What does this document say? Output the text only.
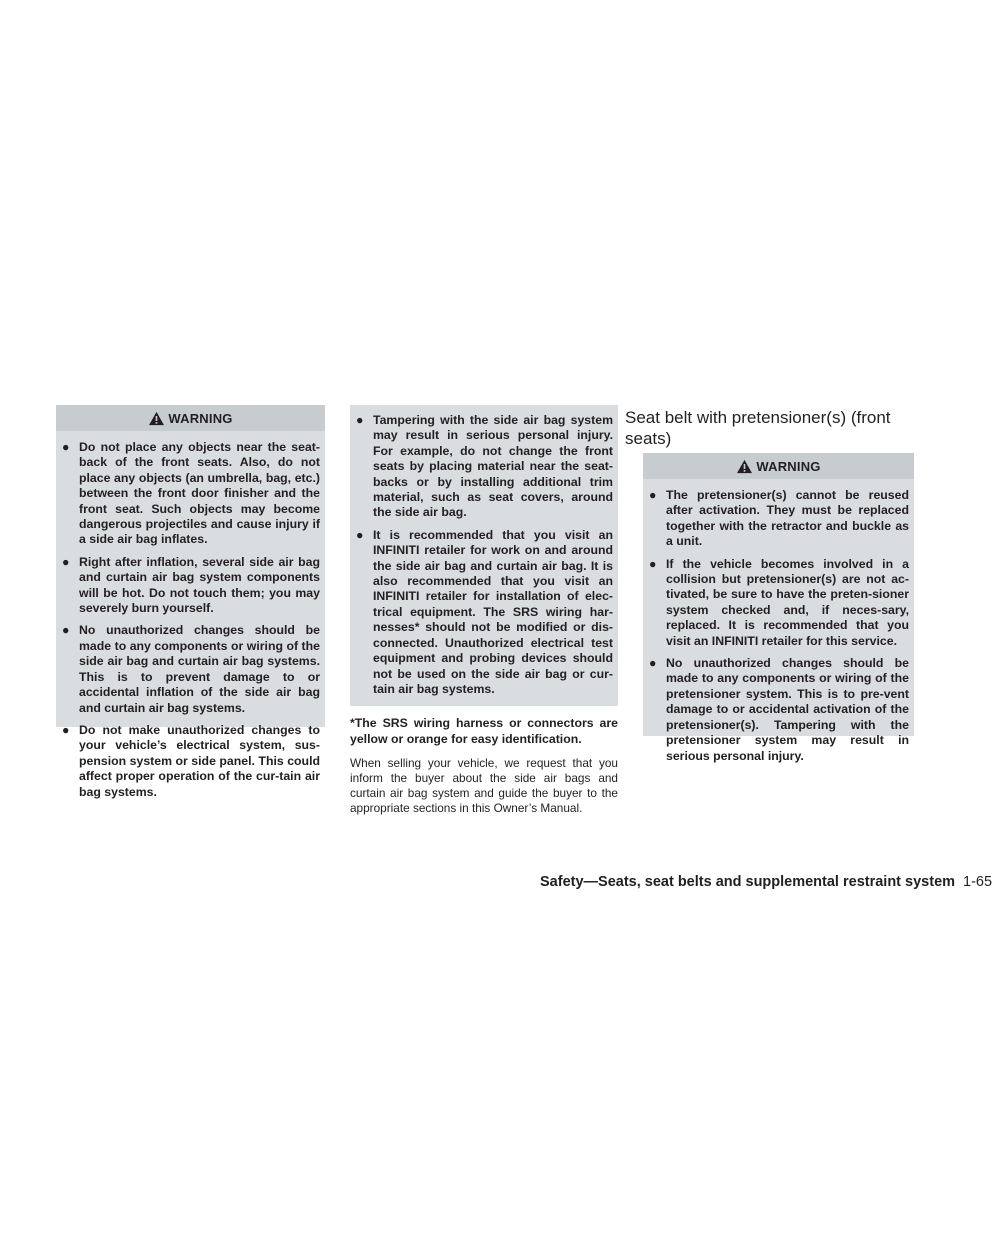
WARNING
● Do not place any objects near the seat-back of the front seats. Also, do not place any objects (an umbrella, bag, etc.) between the front door finisher and the front seat. Such objects may become dangerous projectiles and cause injury if a side air bag inflates.
● Right after inflation, several side air bag and curtain air bag system components will be hot. Do not touch them; you may severely burn yourself.
● No unauthorized changes should be made to any components or wiring of the side air bag and curtain air bag systems. This is to prevent damage to or accidental inflation of the side air bag and curtain air bag systems.
● Do not make unauthorized changes to your vehicle’s electrical system, sus-pension system or side panel. This could affect proper operation of the cur-tain air bag systems.
● Tampering with the side air bag system may result in serious personal injury. For example, do not change the front seats by placing material near the seat-backs or by installing additional trim material, such as seat covers, around the side air bag.
● It is recommended that you visit an INFINITI retailer for work on and around the side air bag and curtain air bag. It is also recommended that you visit an INFINITI retailer for installation of elec-trical equipment. The SRS wiring har-nesses* should not be modified or dis-connected. Unauthorized electrical test equipment and probing devices should not be used on the side air bag or cur-tain air bag systems.
*The SRS wiring harness or connectors are yellow or orange for easy identification.
When selling your vehicle, we request that you inform the buyer about the side air bags and curtain air bag system and guide the buyer to the appropriate sections in this Owner’s Manual.
Seat belt with pretensioner(s) (front seats)
WARNING
● The pretensioner(s) cannot be reused after activation. They must be replaced together with the retractor and buckle as a unit.
● If the vehicle becomes involved in a collision but pretensioner(s) are not ac-tivated, be sure to have the preten-sioner system checked and, if neces-sary, replaced. It is recommended that you visit an INFINITI retailer for this service.
● No unauthorized changes should be made to any components or wiring of the pretensioner system. This is to pre-vent damage to or accidental activation of the pretensioner(s). Tampering with the pretensioner system may result in serious personal injury.
Safety—Seats, seat belts and supplemental restraint system 1-65
